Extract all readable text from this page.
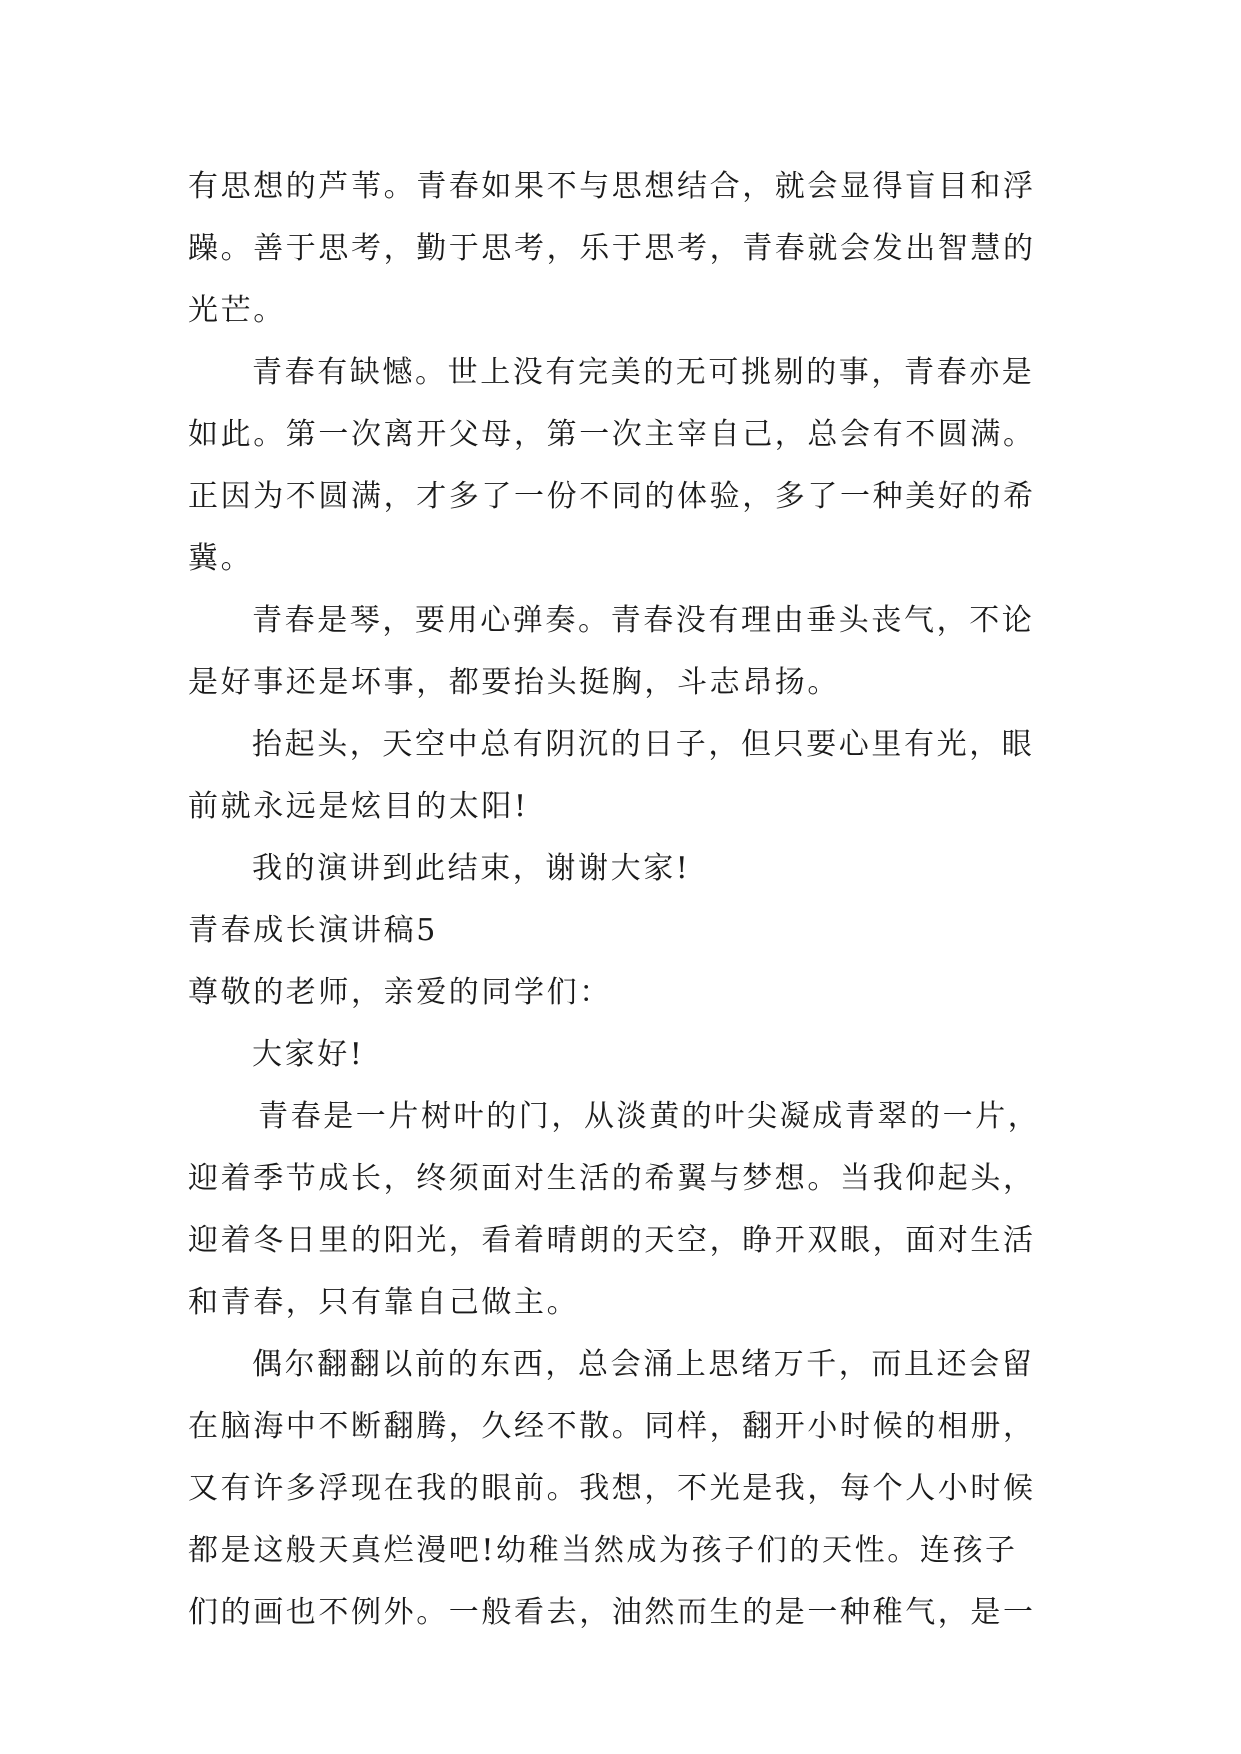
有思想的芦苇。青春如果不与思想结合，就会显得盲目和浮
躁。善于思考，勤于思考，乐于思考，青春就会发出智慧的
光芒。
青春有缺憾。世上没有完美的无可挑剔的事，青春亦是
如此。第一次离开父母，第一次主宰自己，总会有不圆满。
正因为不圆满，才多了一份不同的体验，多了一种美好的希
冀。
青春是琴，要用心弹奏。青春没有理由垂头丧气，不论
是好事还是坏事，都要抬头挺胸，斗志昂扬。
抬起头，天空中总有阴沉的日子，但只要心里有光，眼
前就永远是炫目的太阳!
我的演讲到此结束，谢谢大家!
青春成长演讲稿5
尊敬的老师，亲爱的同学们：
大家好!
青春是一片树叶的门，从淡黄的叶尖凝成青翠的一片，
迎着季节成长，终须面对生活的希翼与梦想。当我仰起头，
迎着冬日里的阳光，看着晴朗的天空，睁开双眼，面对生活
和青春，只有靠自己做主。
偶尔翻翻以前的东西，总会涌上思绪万千，而且还会留
在脑海中不断翻腾，久经不散。同样，翻开小时候的相册，
又有许多浮现在我的眼前。我想，不光是我，每个人小时候
都是这般天真烂漫吧!幼稚当然成为孩子们的天性。连孩子
们的画也不例外。一般看去，油然而生的是一种稚气，是一
